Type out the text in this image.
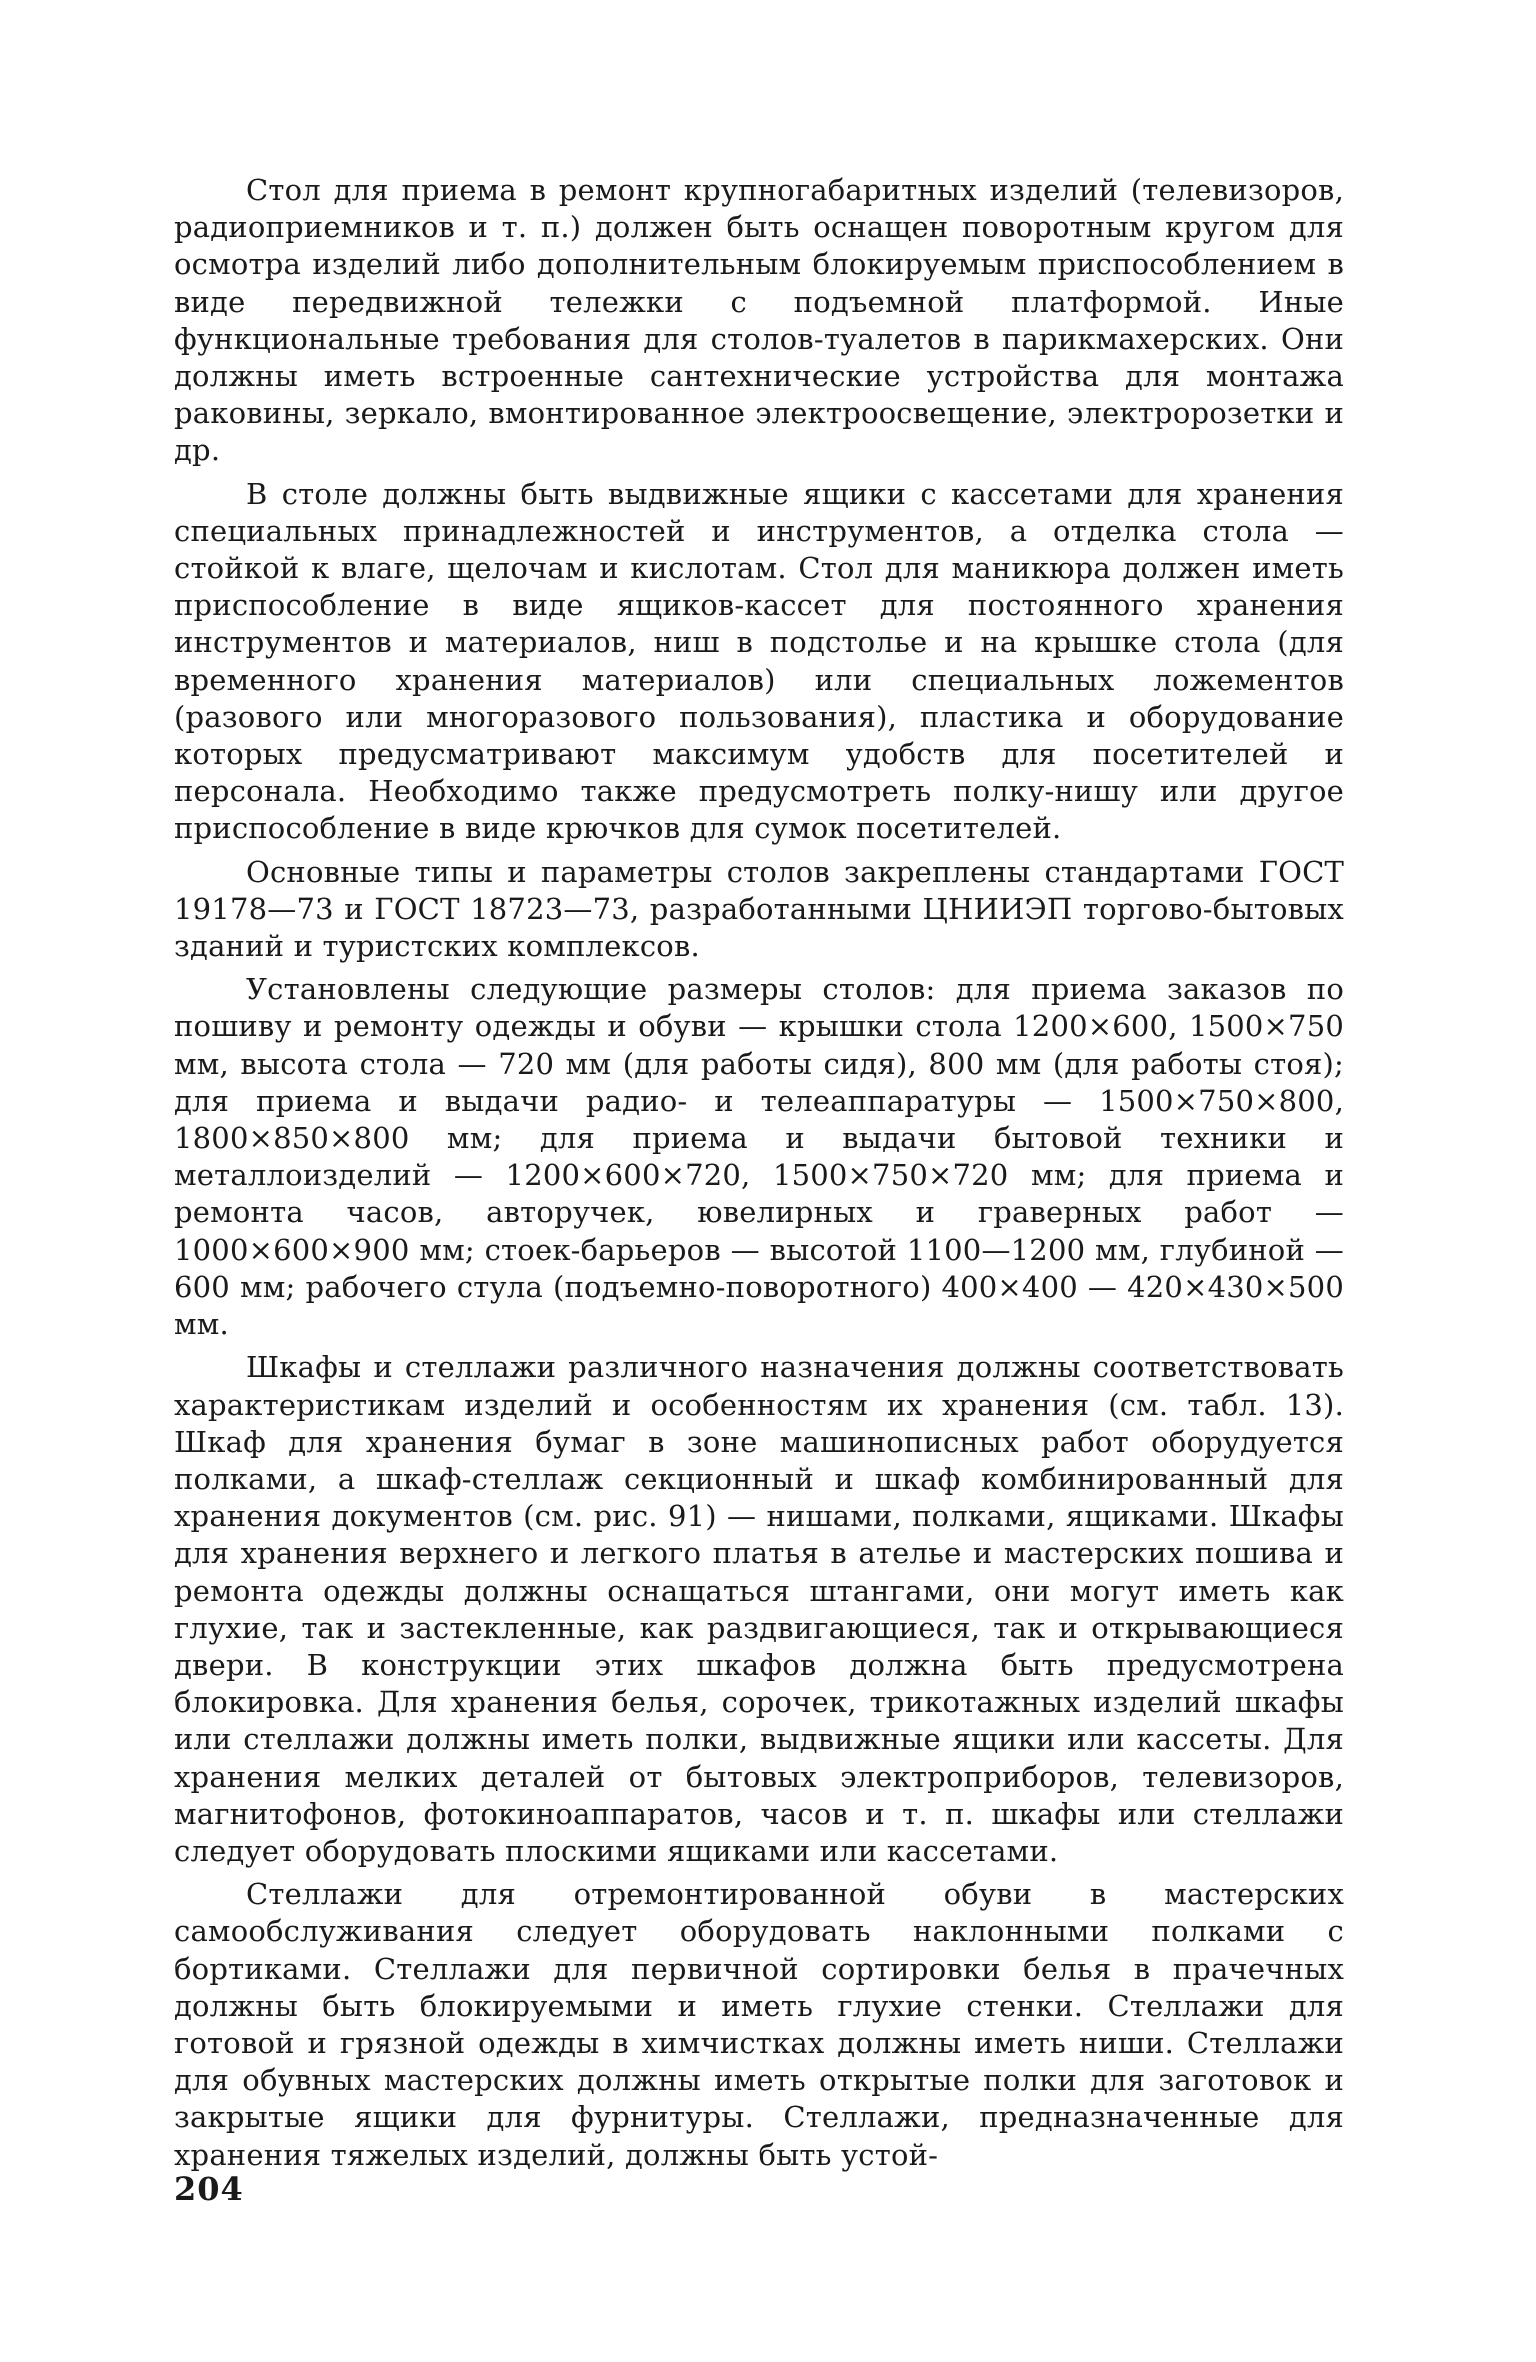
Стол для приема в ремонт крупногабаритных изделий (телевизоров, радиоприемников и т. п.) должен быть оснащен поворотным кругом для осмотра изделий либо дополнительным блокируемым приспособлением в виде передвижной тележки с подъемной платформой. Иные функциональные требования для столов-туалетов в парикмахерских. Они должны иметь встроенные сантехнические устройства для монтажа раковины, зеркало, вмонтированное электроосвещение, электророзетки и др.

В столе должны быть выдвижные ящики с кассетами для хранения специальных принадлежностей и инструментов, а отделка стола — стойкой к влаге, щелочам и кислотам. Стол для маникюра должен иметь приспособление в виде ящиков-кассет для постоянного хранения инструментов и материалов, ниш в подстолье и на крышке стола (для временного хранения материалов) или специальных ложементов (разового или многоразового пользования), пластика и оборудование которых предусматривают максимум удобств для посетителей и персонала. Необходимо также предусмотреть полку-нишу или другое приспособление в виде крючков для сумок посетителей.

Основные типы и параметры столов закреплены стандартами ГОСТ 19178—73 и ГОСТ 18723—73, разработанными ЦНИИЭП торгово-бытовых зданий и туристских комплексов.

Установлены следующие размеры столов: для приема заказов по пошиву и ремонту одежды и обуви — крышки стола 1200×600, 1500×750 мм, высота стола — 720 мм (для работы сидя), 800 мм (для работы стоя); для приема и выдачи радио- и телеаппаратуры — 1500×750×800, 1800×850×800 мм; для приема и выдачи бытовой техники и металлоизделий — 1200×600×720, 1500×750×720 мм; для приема и ремонта часов, авторучек, ювелирных и граверных работ — 1000×600×900 мм; стоек-барьеров — высотой 1100—1200 мм, глубиной — 600 мм; рабочего стула (подъемно-поворотного) 400×400 — 420×430×500 мм.

Шкафы и стеллажи различного назначения должны соответствовать характеристикам изделий и особенностям их хранения (см. табл. 13). Шкаф для хранения бумаг в зоне машинописных работ оборудуется полками, а шкаф-стеллаж секционный и шкаф комбинированный для хранения документов (см. рис. 91) — нишами, полками, ящиками. Шкафы для хранения верхнего и легкого платья в ателье и мастерских пошива и ремонта одежды должны оснащаться штангами, они могут иметь как глухие, так и застекленные, как раздвигающиеся, так и открывающиеся двери. В конструкции этих шкафов должна быть предусмотрена блокировка. Для хранения белья, сорочек, трикотажных изделий шкафы или стеллажи должны иметь полки, выдвижные ящики или кассеты. Для хранения мелких деталей от бытовых электроприборов, телевизоров, магнитофонов, фотокиноаппаратов, часов и т. п. шкафы или стеллажи следует оборудовать плоскими ящиками или кассетами.

Стеллажи для отремонтированной обуви в мастерских самообслуживания следует оборудовать наклонными полками с бортиками. Стеллажи для первичной сортировки белья в прачечных должны быть блокируемыми и иметь глухие стенки. Стеллажи для готовой и грязной одежды в химчистках должны иметь ниши. Стеллажи для обувных мастерских должны иметь открытые полки для заготовок и закрытые ящики для фурнитуры. Стеллажи, предназначенные для хранения тяжелых изделий, должны быть устой-

204
